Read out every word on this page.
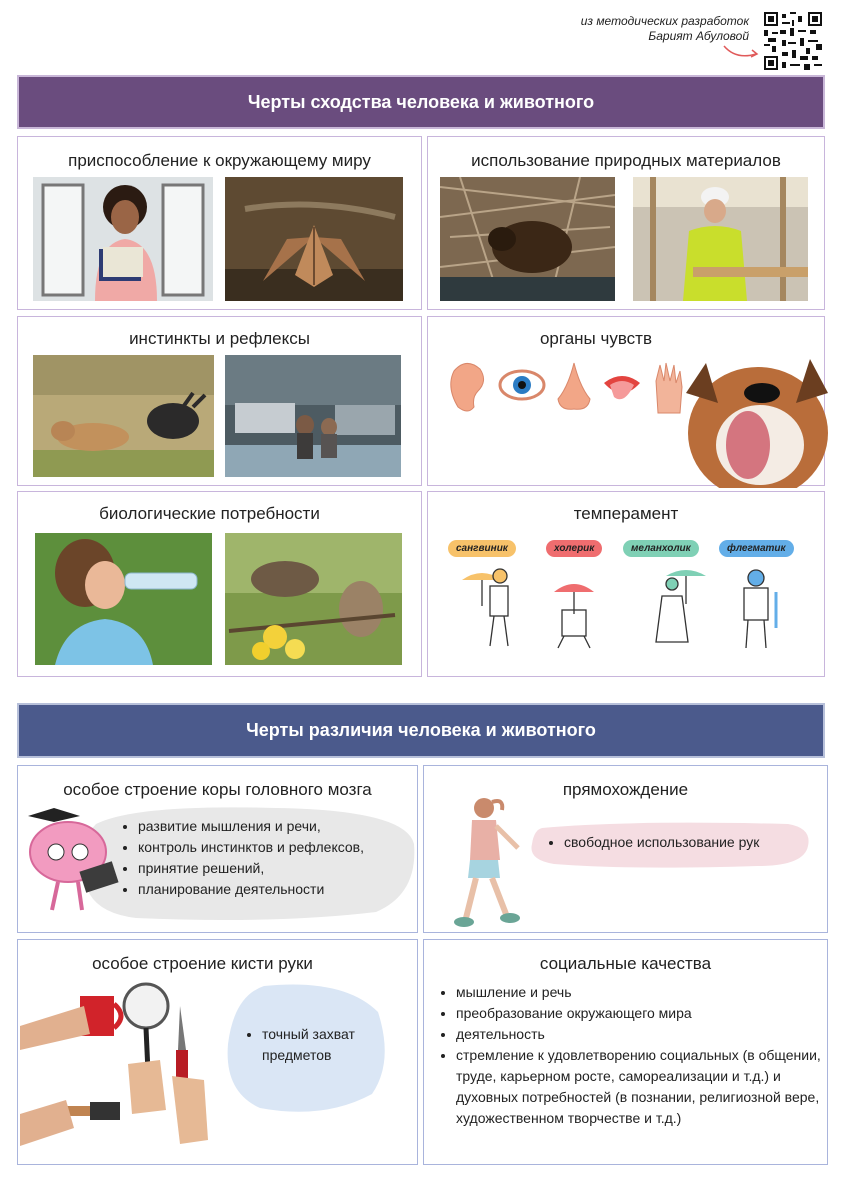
из методических разработок
Барият Абуловой
Черты сходства человека и животного
приспособление к окружающему миру	использование природных материалов
инстинкты и рефлексы	органы чувств
биологические потребности	темперамент
сангвиник	холерик	меланхолик	флегматик
Черты различия человека и животного
особое строение коры головного мозга
• развитие мышления и речи,
• контроль инстинктов и рефлексов,
• принятие решений,
• планирование деятельности
прямохождение
• свободное использование рук
особое строение кисти руки
• точный захват предметов
социальные качества
• мышление и речь
• преобразование окружающего мира
• деятельность
• стремление к удовлетворению социальных (в общении, труде, карьерном росте, самореализации и т.д.) и духовных потребностей (в познании, религиозной вере, художественном творчестве и т.д.)
